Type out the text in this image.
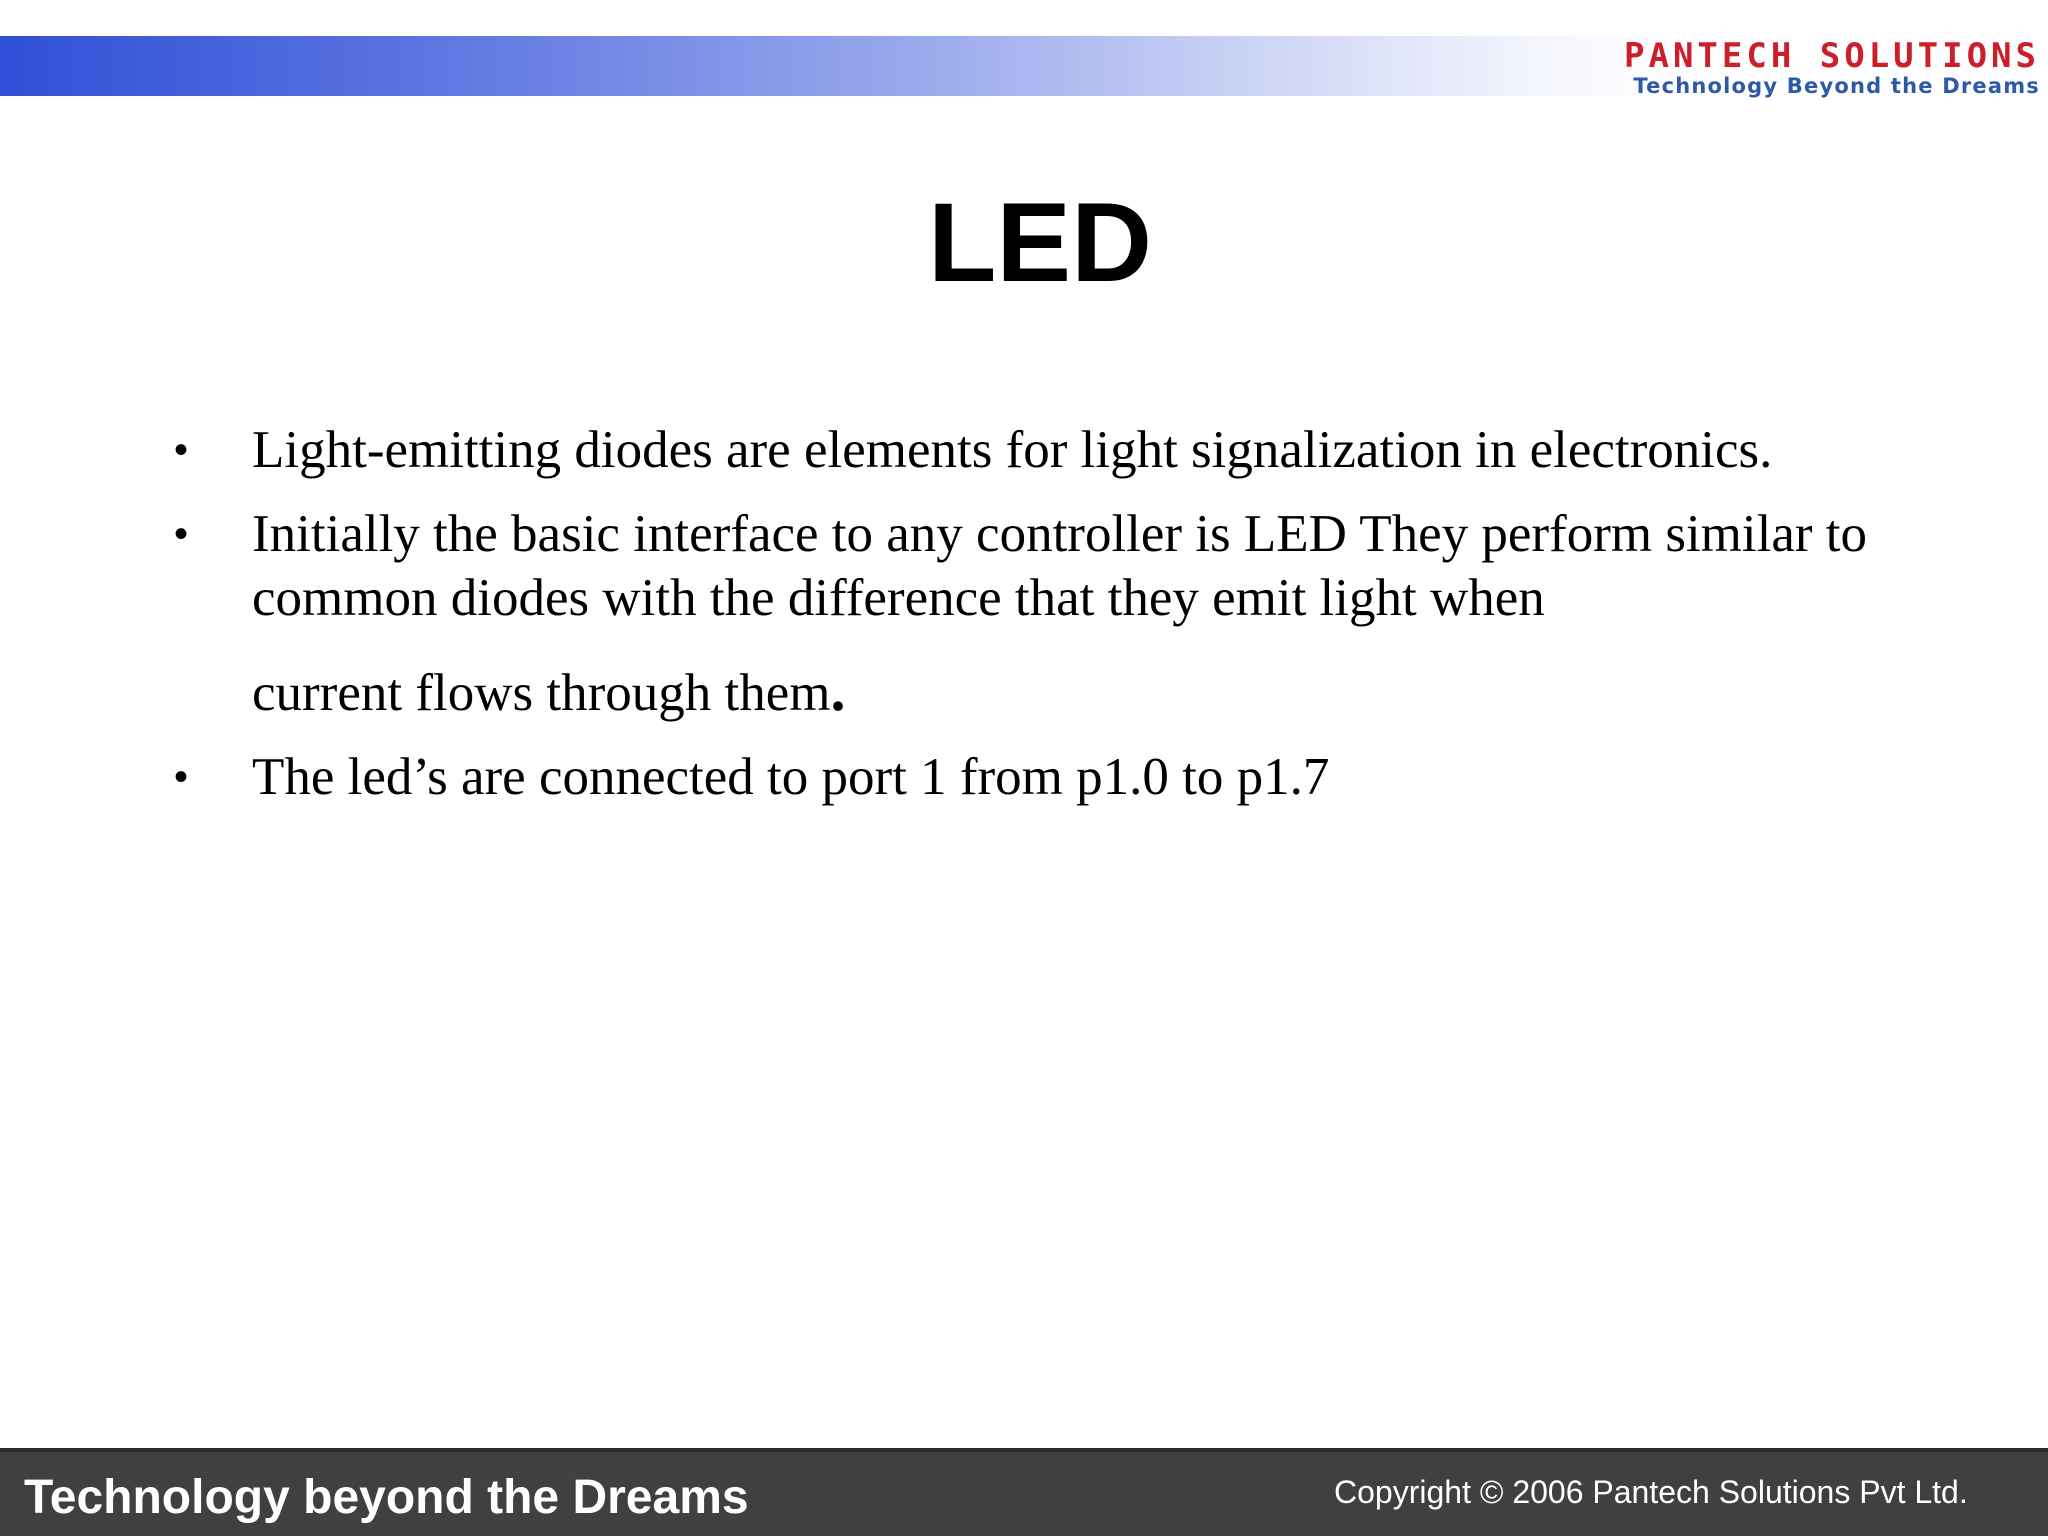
PANTECH SOLUTIONS
Technology Beyond the Dreams
LED
• Light-emitting diodes are elements for light signalization in electronics.
• Initially the basic interface to any controller is LED They perform similar to common diodes with the difference that they emit light when
current flows through them.
• The led’s are connected to port 1 from p1.0 to p1.7
Technology beyond the Dreams	Copyright © 2006 Pantech Solutions Pvt Ltd.
